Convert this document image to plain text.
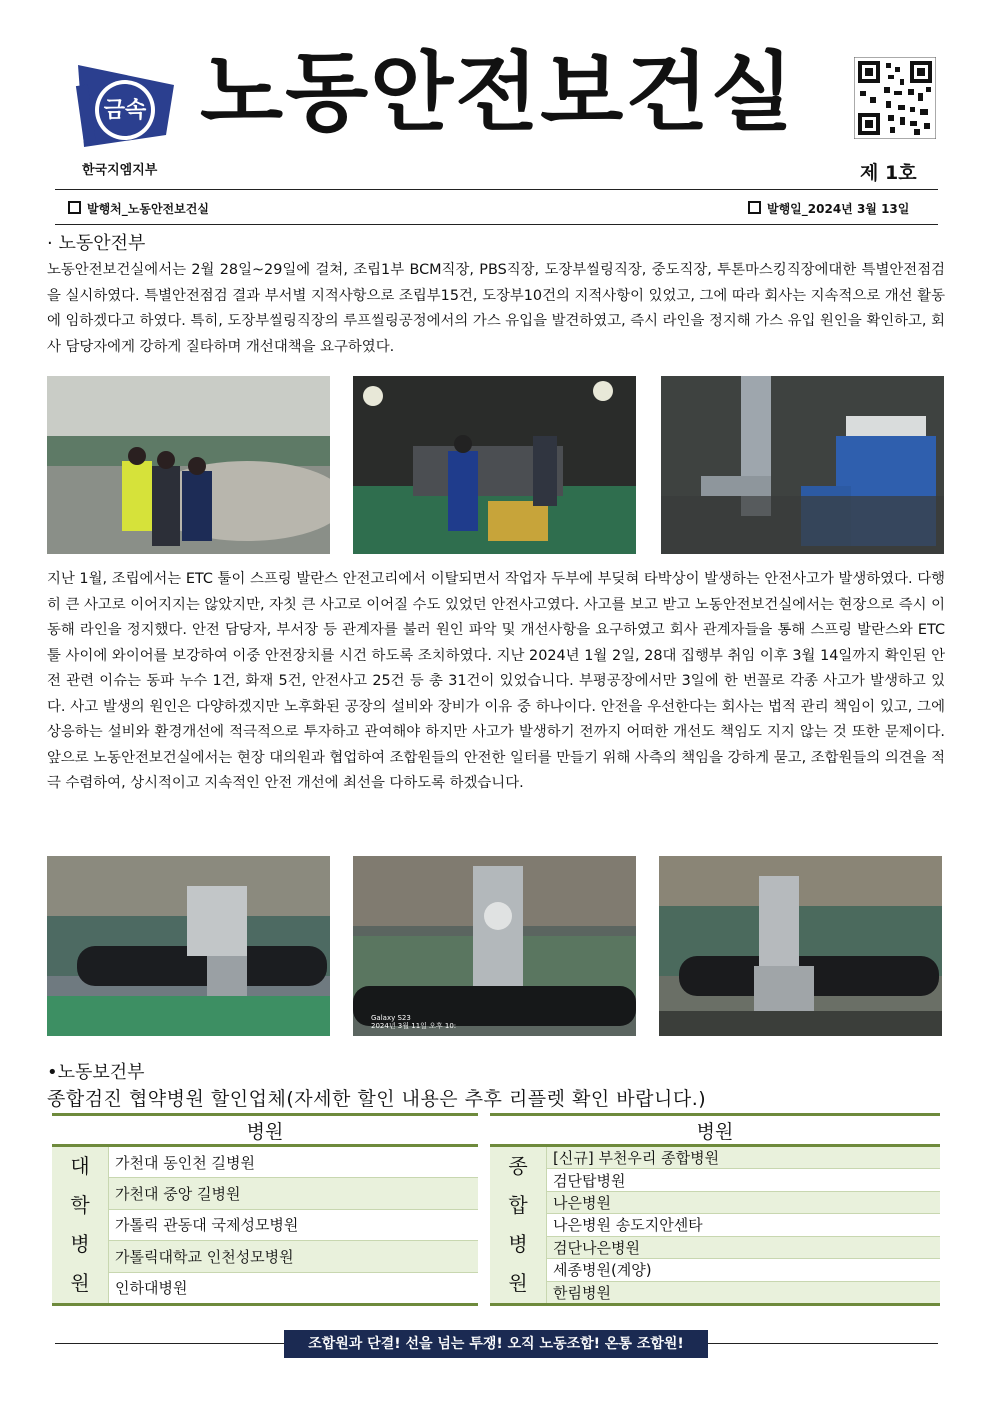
금속
한국지엠지부
노동안전보건실
제 1호
발행처_노동안전보건실	발행일_2024년 3월 13일
· 노동안전부

노동안전보건실에서는 2월 28일~29일에 걸쳐, 조립1부 BCM직장, PBS직장, 도장부씰링직장, 중도직장, 투톤마스킹직장에대한 특별안전점검을 실시하였다. 특별안전점검 결과 부서별 지적사항으로 조립부15건, 도장부10건의 지적사항이 있었고, 그에 따라 회사는 지속적으로 개선 활동에 임하겠다고 하였다. 특히, 도장부씰링직장의 루프씰링공정에서의 가스 유입을 발견하였고, 즉시 라인을 정지해 가스 유입 원인을 확인하고, 회사 담당자에게 강하게 질타하며 개선대책을 요구하였다.

지난 1월, 조립에서는 ETC 툴이 스프링 발란스 안전고리에서 이탈되면서 작업자 두부에 부딪혀 타박상이 발생하는 안전사고가 발생하였다. 다행히 큰 사고로 이어지지는 않았지만, 자칫 큰 사고로 이어질 수도 있었던 안전사고였다. 사고를 보고 받고 노동안전보건실에서는 현장으로 즉시 이동해 라인을 정지했다. 안전 담당자, 부서장 등 관계자를 불러 원인 파악 및 개선사항을 요구하였고 회사 관계자들을 통해 스프링 발란스와 ETC 툴 사이에 와이어를 보강하여 이중 안전장치를 시건 하도록 조치하였다. 지난 2024년 1월 2일, 28대 집행부 취임 이후 3월 14일까지 확인된 안전 관련 이슈는 동파 누수 1건, 화재 5건, 안전사고 25건 등 총 31건이 있었습니다. 부평공장에서만 3일에 한 번꼴로 각종 사고가 발생하고 있다. 사고 발생의 원인은 다양하겠지만 노후화된 공장의 설비와 장비가 이유 중 하나이다. 안전을 우선한다는 회사는 법적 관리 책임이 있고, 그에 상응하는 설비와 환경개선에 적극적으로 투자하고 관여해야 하지만 사고가 발생하기 전까지 어떠한 개선도 책임도 지지 않는 것 또한 문제이다. 앞으로 노동안전보건실에서는 현장 대의원과 협업하여 조합원들의 안전한 일터를 만들기 위해 사측의 책임을 강하게 묻고, 조합원들의 의견을 적극 수렴하여, 상시적이고 지속적인 안전 개선에 최선을 다하도록 하겠습니다.

Galaxy S23
2024년 3월 11일 오후 10:
•노동보건부
종합검진 협약병원 할인업체(자세한 할인 내용은 추후 리플렛 확인 바랍니다.)
병원

대
학
병
원
	가천대 동인천 길병원
가천대 중앙 길병원
가톨릭 관동대 국제성모병원
가톨릭대학교 인천성모병원
인하대병원
병원

종
합
병
원
	[신규] 부천우리 종합병원
검단탑병원
나은병원
나은병원 송도지안센타
검단나은병원
세종병원(계양)
한림병원
조합원과 단결! 선을 넘는 투쟁! 오직 노동조합! 온통 조합원!
